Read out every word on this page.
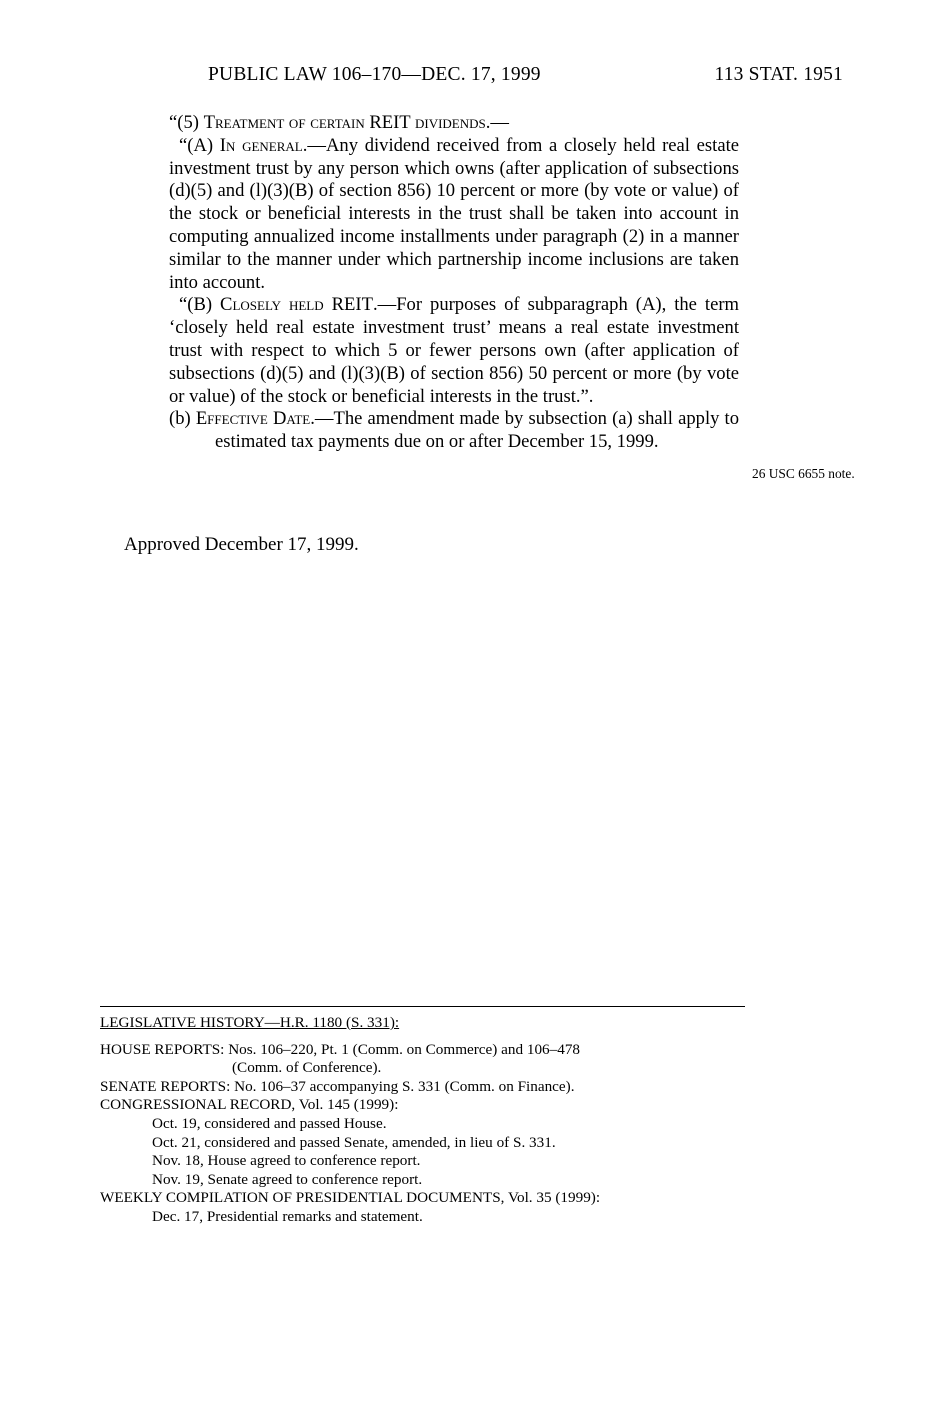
PUBLIC LAW 106–170—DEC. 17, 1999	113 STAT. 1951

“(5) Treatment of certain REIT dividends.—

“(A) In general.—Any dividend received from a closely held real estate investment trust by any person which owns (after application of subsections (d)(5) and (l)(3)(B) of section 856) 10 percent or more (by vote or value) of the stock or beneficial interests in the trust shall be taken into account in computing annualized income installments under paragraph (2) in a manner similar to the manner under which partnership income inclusions are taken into account.

“(B) Closely held REIT.—For purposes of subparagraph (A), the term ‘closely held real estate investment trust’ means a real estate investment trust with respect to which 5 or fewer persons own (after application of subsections (d)(5) and (l)(3)(B) of section 856) 50 percent or more (by vote or value) of the stock or beneficial interests in the trust.”.

(b) Effective Date.—The amendment made by subsection (a) shall apply to estimated tax payments due on or after December 15, 1999.

26 USC 6655 note.
Approved December 17, 1999.

LEGISLATIVE HISTORY—H.R. 1180 (S. 331):

HOUSE REPORTS: Nos. 106–220, Pt. 1 (Comm. on Commerce) and 106–478

(Comm. of Conference).

SENATE REPORTS: No. 106–37 accompanying S. 331 (Comm. on Finance).

CONGRESSIONAL RECORD, Vol. 145 (1999):

Oct. 19, considered and passed House.

Oct. 21, considered and passed Senate, amended, in lieu of S. 331.

Nov. 18, House agreed to conference report.

Nov. 19, Senate agreed to conference report.

WEEKLY COMPILATION OF PRESIDENTIAL DOCUMENTS, Vol. 35 (1999):

Dec. 17, Presidential remarks and statement.
